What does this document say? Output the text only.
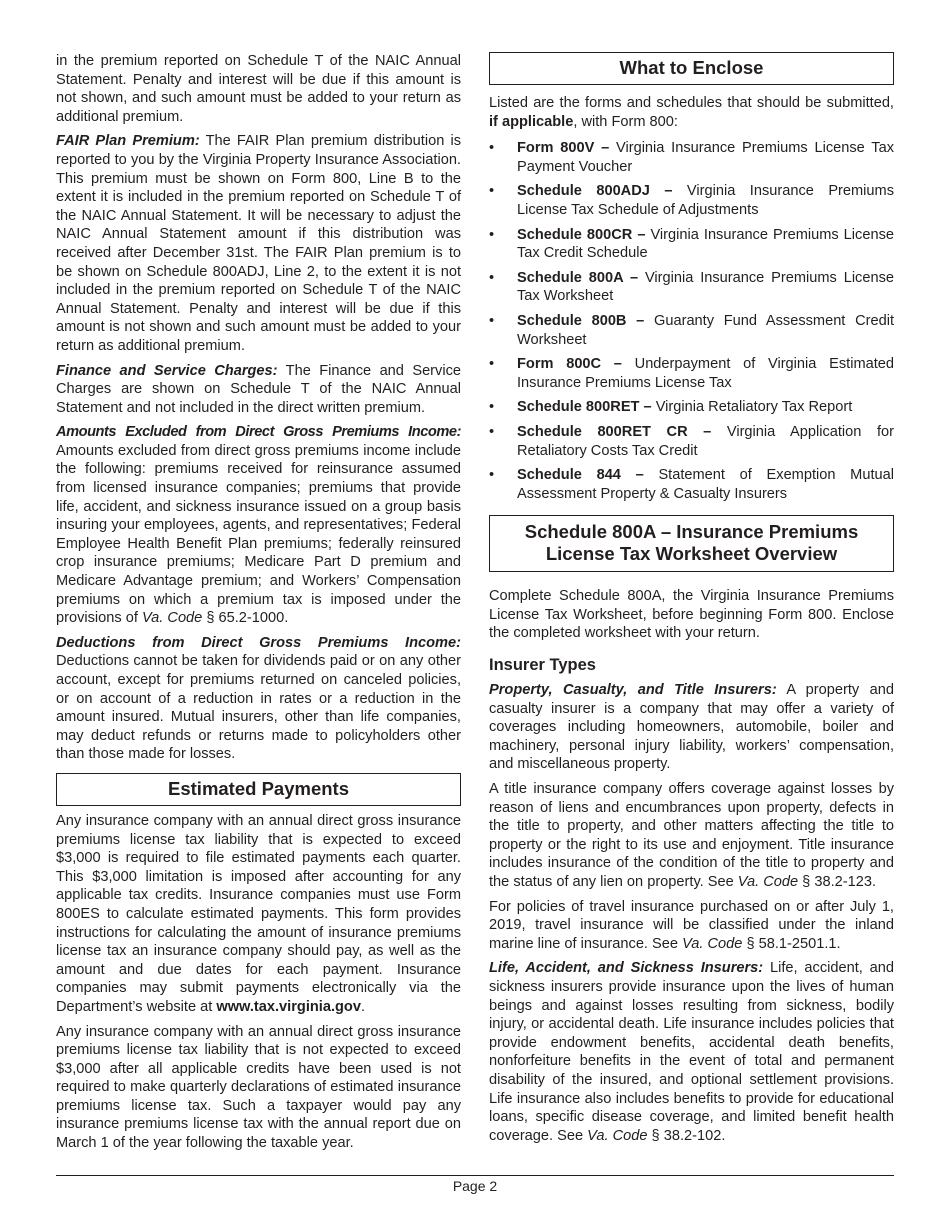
in the premium reported on Schedule T of the NAIC Annual Statement. Penalty and interest will be due if this amount is not shown, and such amount must be added to your return as additional premium.

FAIR Plan Premium: The FAIR Plan premium distribution is reported to you by the Virginia Property Insurance Association. This premium must be shown on Form 800, Line B to the extent it is included in the premium reported on Schedule T of the NAIC Annual Statement. It will be necessary to adjust the NAIC Annual Statement amount if this distribution was received after December 31st. The FAIR Plan premium is to be shown on Schedule 800ADJ, Line 2, to the extent it is not included in the premium reported on Schedule T of the NAIC Annual Statement. Penalty and interest will be due if this amount is not shown and such amount must be added to your return as additional premium.

Finance and Service Charges: The Finance and Service Charges are shown on Schedule T of the NAIC Annual Statement and not included in the direct written premium.

Amounts Excluded from Direct Gross Premiums Income: Amounts excluded from direct gross premiums income include the following: premiums received for reinsurance assumed from licensed insurance companies; premiums that provide life, accident, and sickness insurance issued on a group basis insuring your employees, agents, and representatives; Federal Employee Health Benefit Plan premiums; federally reinsured crop insurance premiums; Medicare Part D premium and Medicare Advantage premium; and Workers’ Compensation premiums on which a premium tax is imposed under the provisions of Va. Code § 65.2-1000.

Deductions from Direct Gross Premiums Income: Deductions cannot be taken for dividends paid or on any other account, except for premiums returned on canceled policies, or on account of a reduction in rates or a reduction in the amount insured. Mutual insurers, other than life companies, may deduct refunds or returns made to policyholders other than those made for losses.

Estimated Payments

Any insurance company with an annual direct gross insurance premiums license tax liability that is expected to exceed $3,000 is required to file estimated payments each quarter. This $3,000 limitation is imposed after accounting for any applicable tax credits. Insurance companies must use Form 800ES to calculate estimated payments. This form provides instructions for calculating the amount of insurance premiums license tax an insurance company should pay, as well as the amount and due dates for each payment. Insurance companies may submit payments electronically via the Department’s website at www.tax.virginia.gov.

Any insurance company with an annual direct gross insurance premiums license tax liability that is not expected to exceed $3,000 after all applicable credits have been used is not required to make quarterly declarations of estimated insurance premiums license tax. Such a taxpayer would pay any insurance premiums license tax with the annual report due on March 1 of the year following the taxable year.

What to Enclose

Listed are the forms and schedules that should be submitted, if applicable, with Form 800:

• Form 800V – Virginia Insurance Premiums License Tax Payment Voucher
• Schedule 800ADJ – Virginia Insurance Premiums License Tax Schedule of Adjustments
• Schedule 800CR – Virginia Insurance Premiums License Tax Credit Schedule
• Schedule 800A – Virginia Insurance Premiums License Tax Worksheet
• Schedule 800B – Guaranty Fund Assessment Credit Worksheet
• Form 800C – Underpayment of Virginia Estimated Insurance Premiums License Tax
• Schedule 800RET – Virginia Retaliatory Tax Report
• Schedule 800RET CR – Virginia Application for Retaliatory Costs Tax Credit
• Schedule 844 – Statement of Exemption Mutual Assessment Property & Casualty Insurers
Schedule 800A – Insurance Premiums
License Tax Worksheet Overview

Complete Schedule 800A, the Virginia Insurance Premiums License Tax Worksheet, before beginning Form 800. Enclose the completed worksheet with your return.

Insurer Types

Property, Casualty, and Title Insurers: A property and casualty insurer is a company that may offer a variety of coverages including homeowners, automobile, boiler and machinery, personal injury liability, workers’ compensation, and miscellaneous property.

A title insurance company offers coverage against losses by reason of liens and encumbrances upon property, defects in the title to property, and other matters affecting the title to property or the right to its use and enjoyment. Title insurance includes insurance of the condition of the title to property and the status of any lien on property. See Va. Code § 38.2-123.

For policies of travel insurance purchased on or after July 1, 2019, travel insurance will be classified under the inland marine line of insurance. See Va. Code § 58.1-2501.1.

Life, Accident, and Sickness Insurers: Life, accident, and sickness insurers provide insurance upon the lives of human beings and against losses resulting from sickness, bodily injury, or accidental death. Life insurance includes policies that provide endowment benefits, accidental death benefits, nonforfeiture benefits in the event of total and permanent disability of the insured, and optional settlement provisions. Life insurance also includes benefits to provide for educational loans, specific disease coverage, and limited benefit health coverage. See Va. Code § 38.2-102.

Page 2
